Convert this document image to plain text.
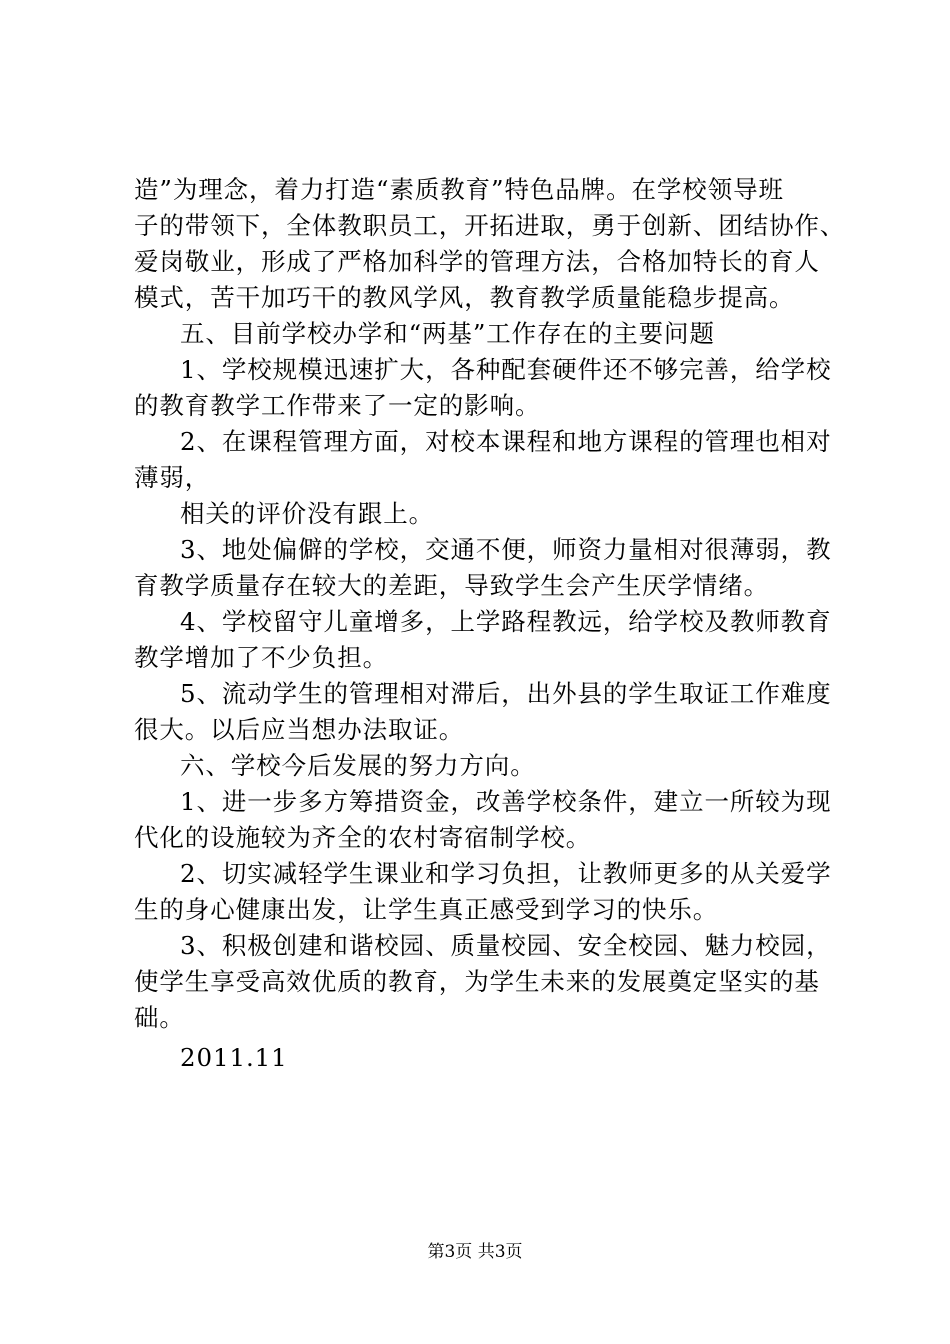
造”为理念，着力打造“素质教育”特色品牌。在学校领导班
子的带领下，全体教职员工，开拓进取，勇于创新、团结协作、
爱岗敬业，形成了严格加科学的管理方法，合格加特长的育人
模式，苦干加巧干的教风学风，教育教学质量能稳步提高。
五、目前学校办学和“两基”工作存在的主要问题
1、学校规模迅速扩大，各种配套硬件还不够完善，给学校
的教育教学工作带来了一定的影响。
2、在课程管理方面，对校本课程和地方课程的管理也相对
薄弱，
相关的评价没有跟上。
3、地处偏僻的学校，交通不便，师资力量相对很薄弱，教
育教学质量存在较大的差距，导致学生会产生厌学情绪。
4、学校留守儿童增多，上学路程教远，给学校及教师教育
教学增加了不少负担。
5、流动学生的管理相对滞后，出外县的学生取证工作难度
很大。以后应当想办法取证。
六、学校今后发展的努力方向。
1、进一步多方筹措资金，改善学校条件，建立一所较为现
代化的设施较为齐全的农村寄宿制学校。
2、切实减轻学生课业和学习负担，让教师更多的从关爱学
生的身心健康出发，让学生真正感受到学习的快乐。
3、积极创建和谐校园、质量校园、安全校园、魅力校园，
使学生享受高效优质的教育，为学生未来的发展奠定坚实的基
础。
2011.11
第3页 共3页
